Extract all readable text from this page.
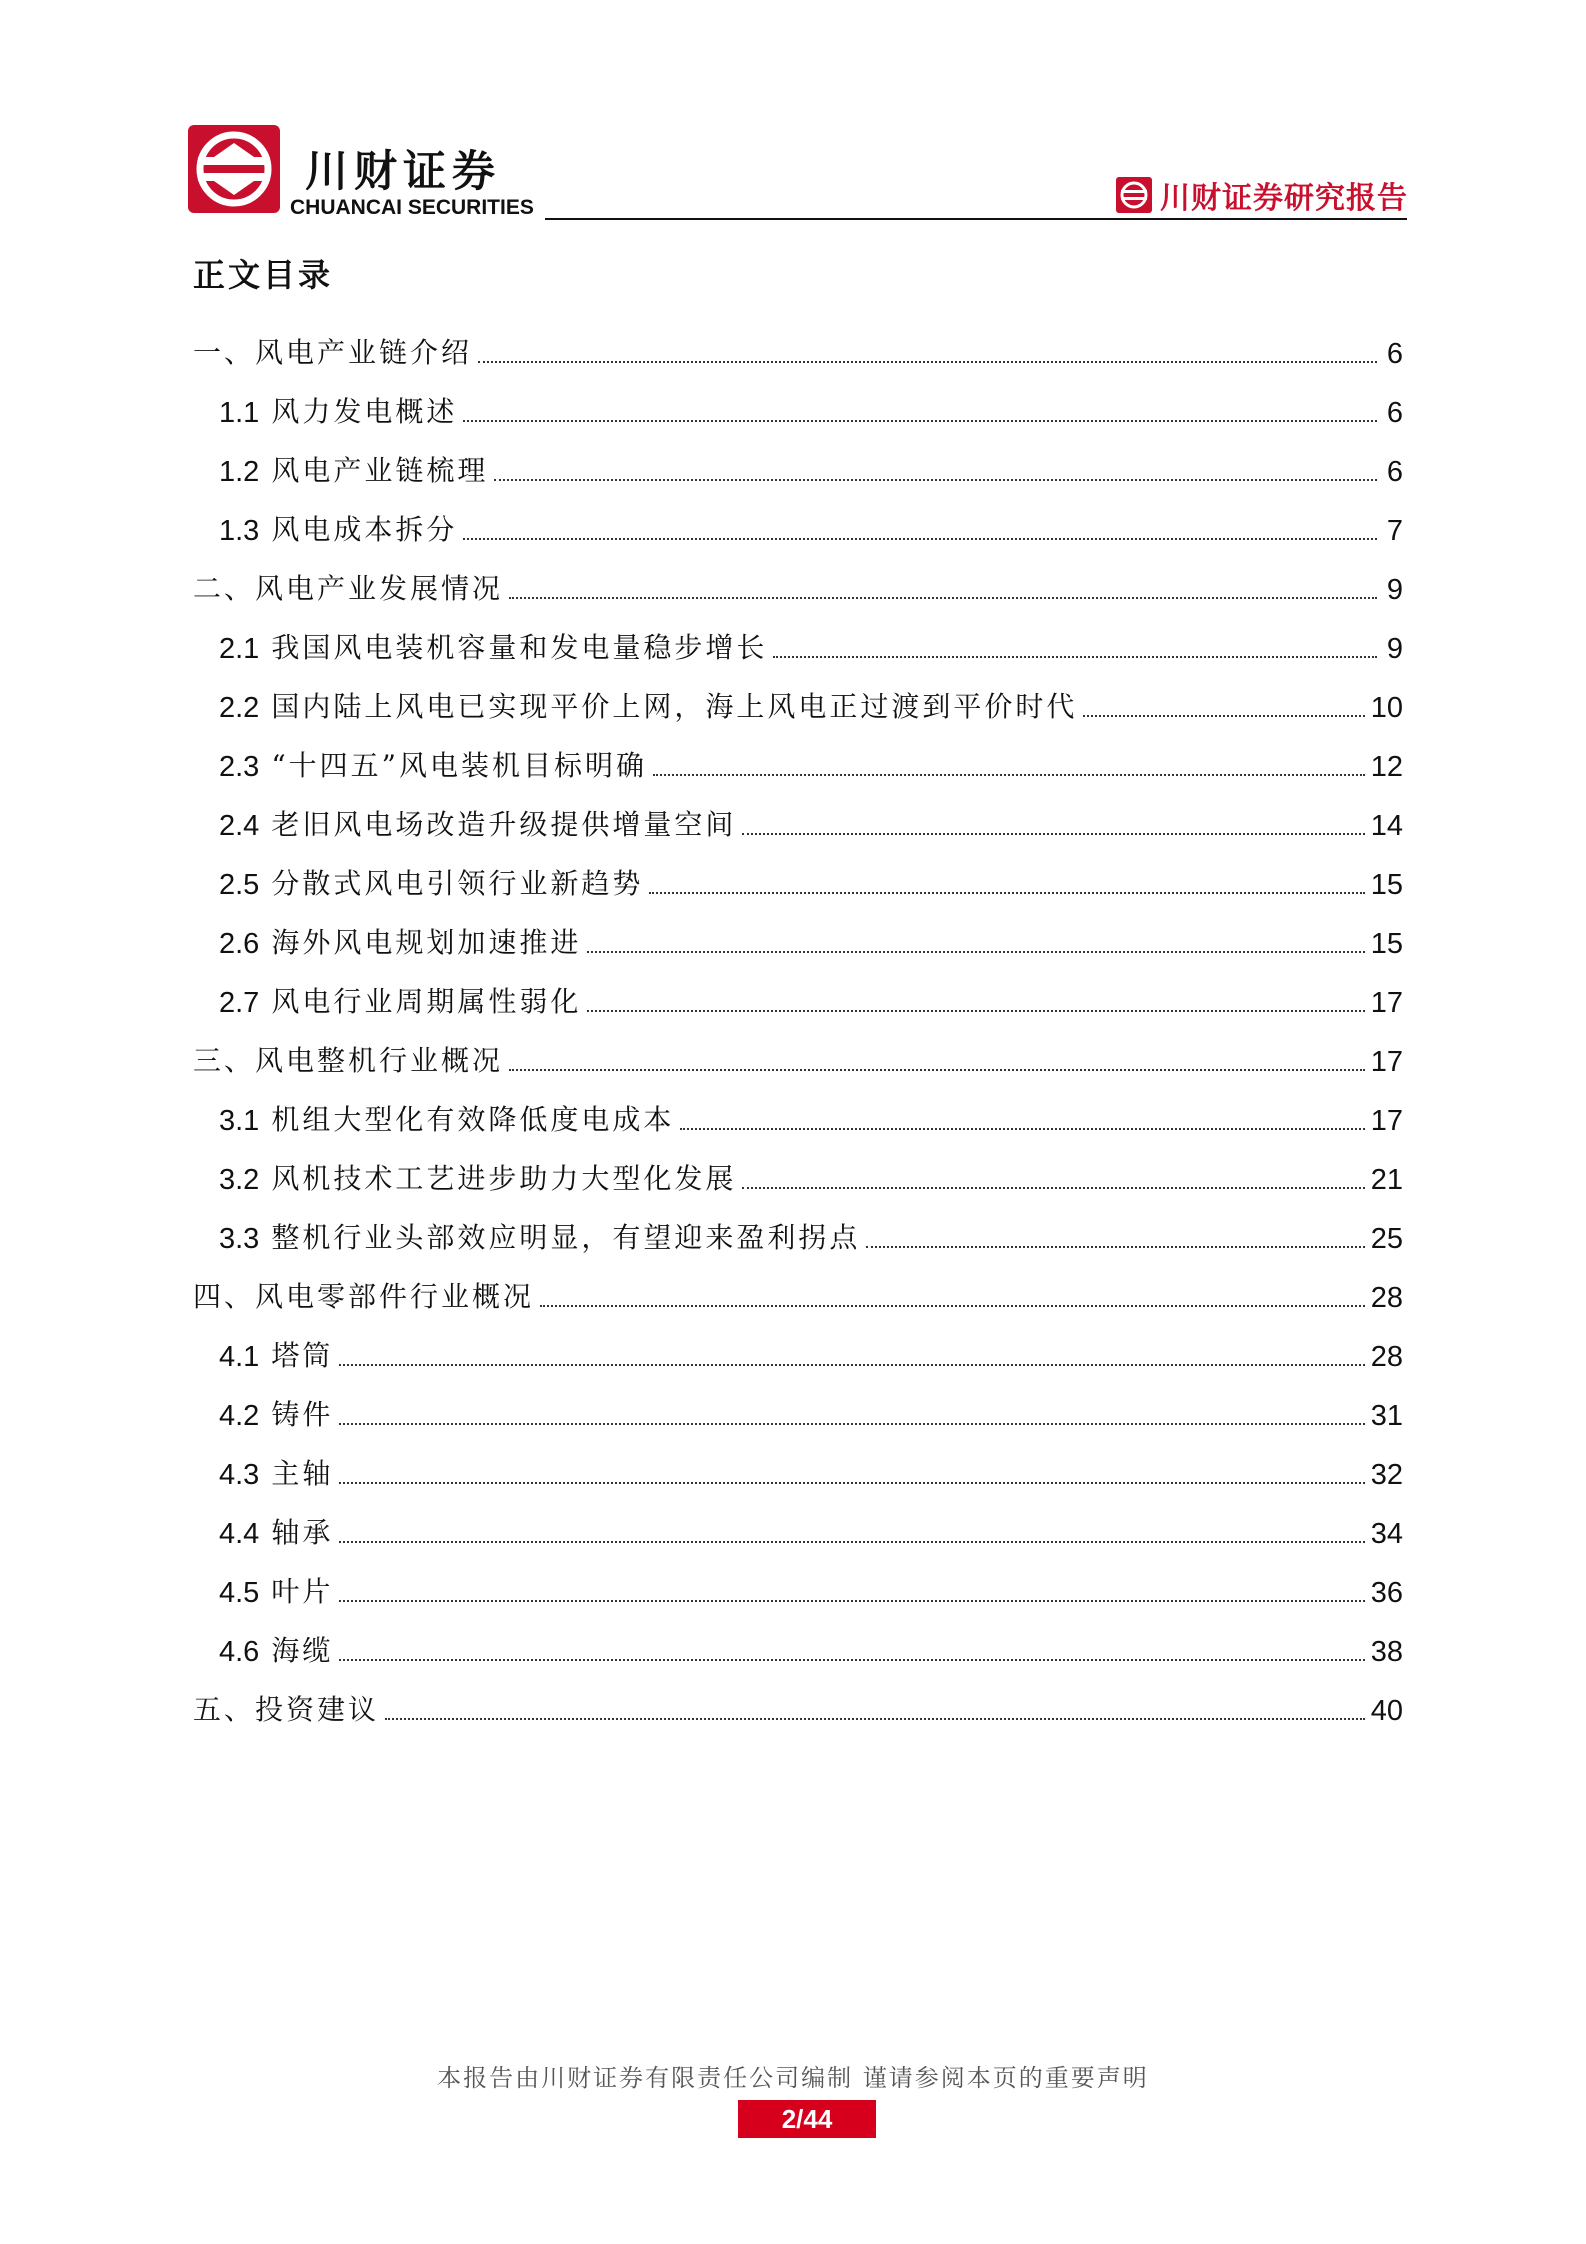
川财证券
CHUANCAI SECURITIES	川财证券研究报告
正文目录
一、风电产业链介绍	6
1.1 风力发电概述	6
1.2 风电产业链梳理	6
1.3 风电成本拆分	7
二、风电产业发展情况	9
2.1 我国风电装机容量和发电量稳步增长	9
2.2 国内陆上风电已实现平价上网，海上风电正过渡到平价时代	10
2.3 “十四五”风电装机目标明确	12
2.4 老旧风电场改造升级提供增量空间	14
2.5 分散式风电引领行业新趋势	15
2.6 海外风电规划加速推进	15
2.7 风电行业周期属性弱化	17
三、风电整机行业概况	17
3.1 机组大型化有效降低度电成本	17
3.2 风机技术工艺进步助力大型化发展	21
3.3 整机行业头部效应明显，有望迎来盈利拐点	25
四、风电零部件行业概况	28
4.1 塔筒	28
4.2 铸件	31
4.3 主轴	32
4.4 轴承	34
4.5 叶片	36
4.6 海缆	38
五、投资建议	40
本报告由川财证券有限责任公司编制 谨请参阅本页的重要声明
2/44
